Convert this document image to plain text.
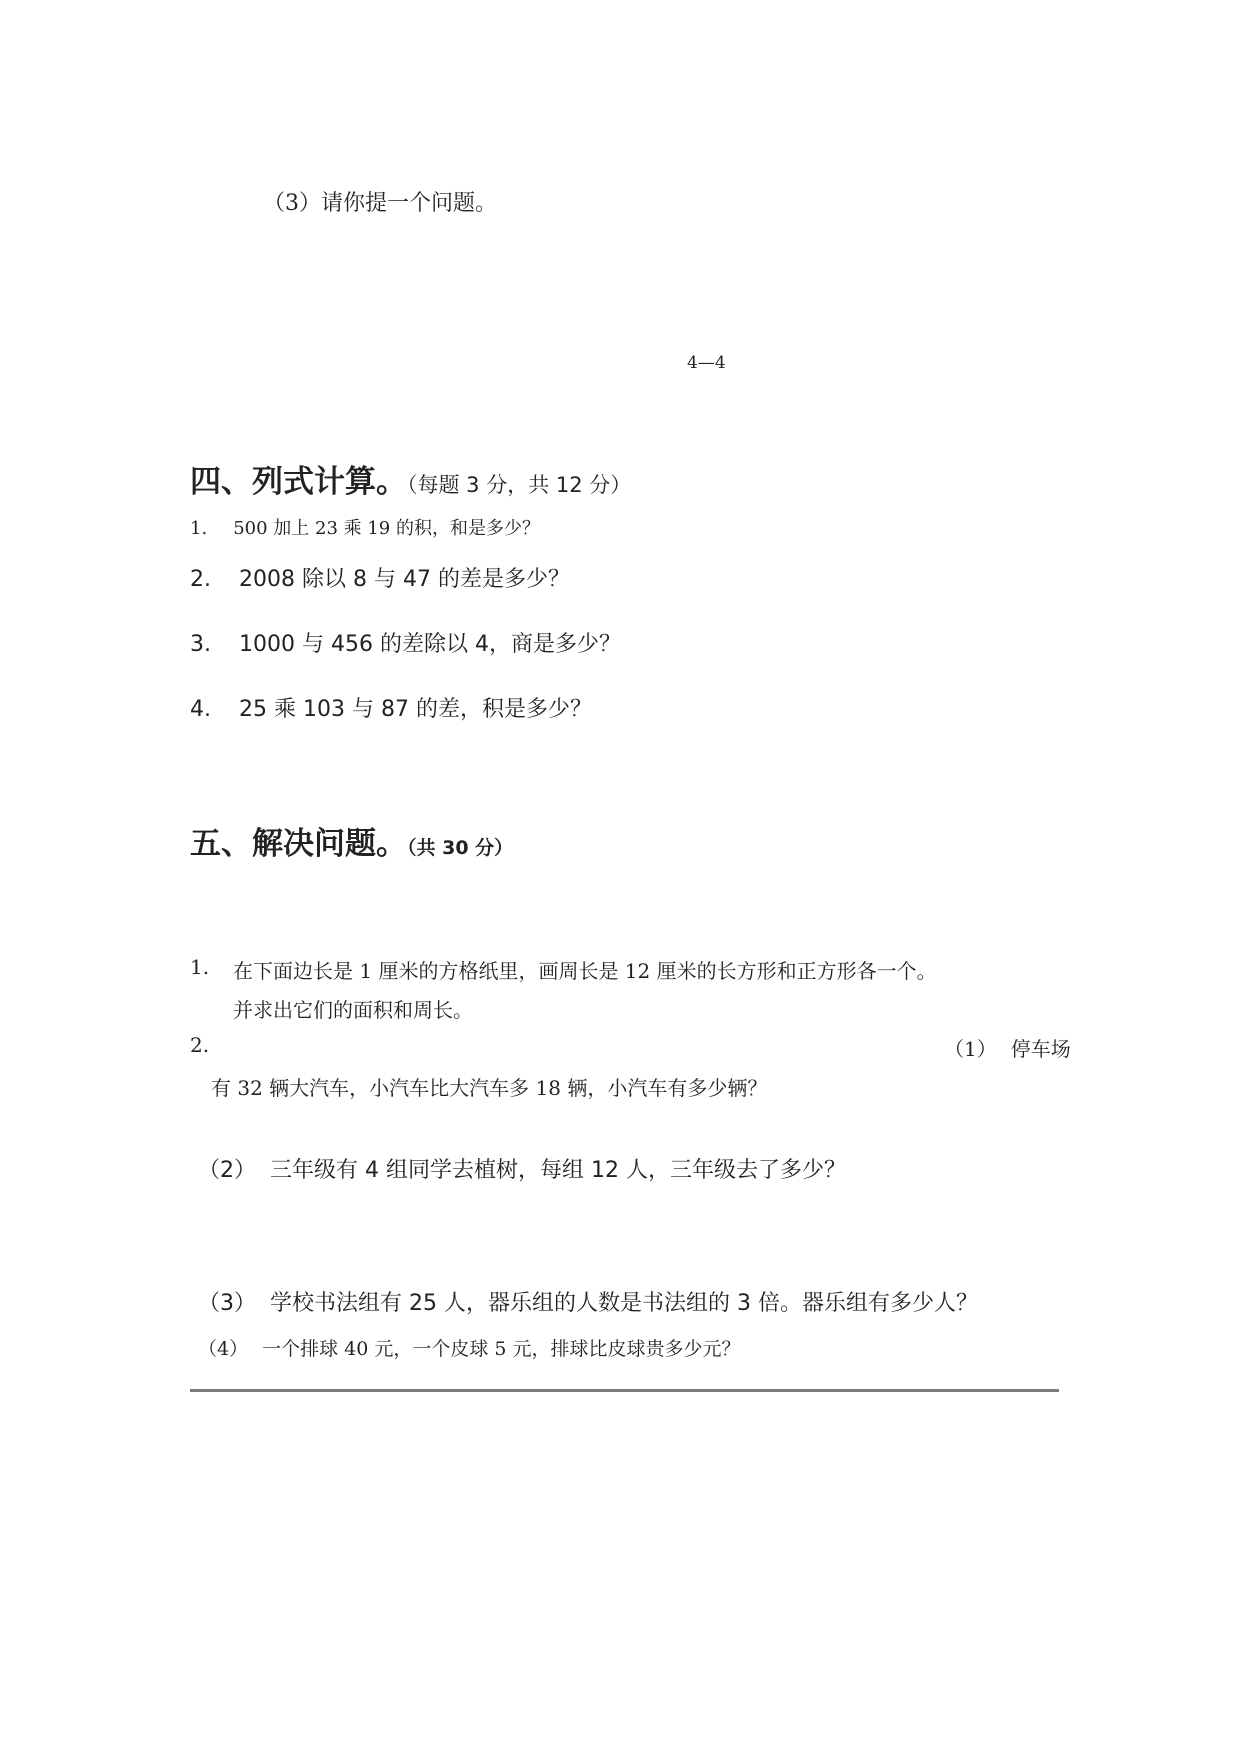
（3）请你提一个问题。
4—4
四、列式计算。（每题 3 分，共 12 分）
1. 500 加上 23 乘 19 的积，和是多少？
2. 2008 除以 8 与 47 的差是多少？
3. 1000 与 456 的差除以 4，商是多少？
4. 25 乘 103 与 87 的差，积是多少？
五、解决问题。（共 30 分）
1. 在下面边长是 1 厘米的方格纸里，画周长是 12 厘米的长方形和正方形各一个。
并求出它们的面积和周长。
2.	（1） 停车场
有 32 辆大汽车，小汽车比大汽车多 18 辆，小汽车有多少辆？
（2） 三年级有 4 组同学去植树，每组 12 人，三年级去了多少？
（3） 学校书法组有 25 人，器乐组的人数是书法组的 3 倍。器乐组有多少人？
（4） 一个排球 40 元，一个皮球 5 元，排球比皮球贵多少元？
